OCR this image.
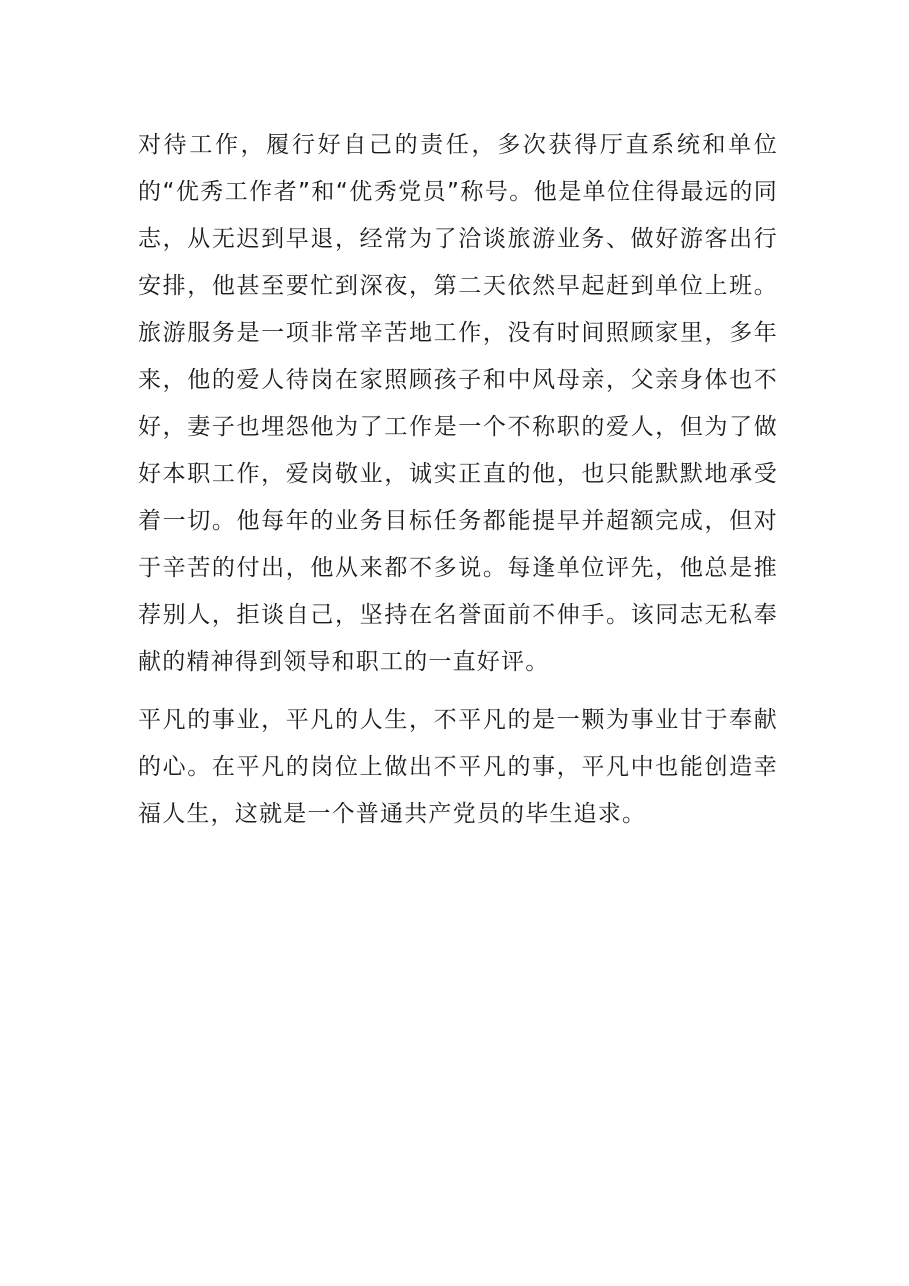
对待工作，履行好自己的责任，多次获得厅直系统和单位的“优秀工作者”和“优秀党员”称号。他是单位住得最远的同志，从无迟到早退，经常为了洽谈旅游业务、做好游客出行安排，他甚至要忙到深夜，第二天依然早起赶到单位上班。旅游服务是一项非常辛苦地工作，没有时间照顾家里，多年来，他的爱人待岗在家照顾孩子和中风母亲，父亲身体也不好，妻子也埋怨他为了工作是一个不称职的爱人，但为了做好本职工作，爱岗敬业，诚实正直的他，也只能默默地承受着一切。他每年的业务目标任务都能提早并超额完成，但对于辛苦的付出，他从来都不多说。每逢单位评先，他总是推荐别人，拒谈自己，坚持在名誉面前不伸手。该同志无私奉献的精神得到领导和职工的一直好评。

平凡的事业，平凡的人生，不平凡的是一颗为事业甘于奉献的心。在平凡的岗位上做出不平凡的事，平凡中也能创造幸福人生，这就是一个普通共产党员的毕生追求。
